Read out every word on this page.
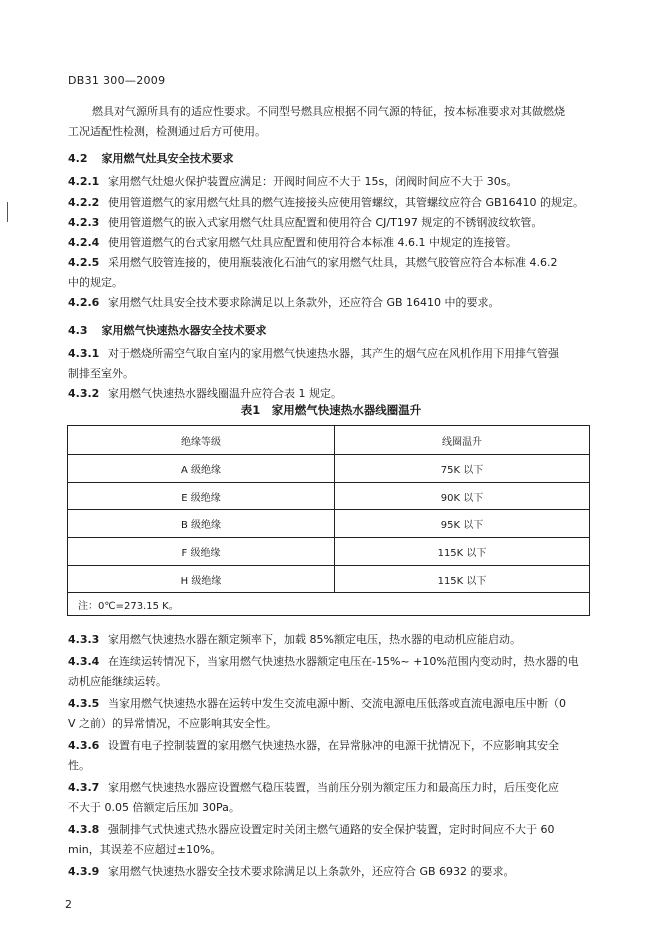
DB31 300—2009
燃具对气源所具有的适应性要求。不同型号燃具应根据不同气源的特征，按本标准要求对其做燃烧
工况适配性检测，检测通过后方可使用。
4.2 家用燃气灶具安全技术要求
4.2.1 家用燃气灶熄火保护装置应满足：开阀时间应不大于 15s，闭阀时间应不大于 30s。
4.2.2 使用管道燃气的家用燃气灶具的燃气连接接头应使用管螺纹，其管螺纹应符合 GB16410 的规定。
4.2.3 使用管道燃气的嵌入式家用燃气灶具应配置和使用符合 CJ/T197 规定的不锈钢波纹软管。
4.2.4 使用管道燃气的台式家用燃气灶具应配置和使用符合本标准 4.6.1 中规定的连接管。
4.2.5 采用燃气胶管连接的，使用瓶装液化石油气的家用燃气灶具，其燃气胶管应符合本标准 4.6.2
中的规定。
4.2.6 家用燃气灶具安全技术要求除满足以上条款外，还应符合 GB 16410 中的要求。
4.3 家用燃气快速热水器安全技术要求
4.3.1 对于燃烧所需空气取自室内的家用燃气快速热水器，其产生的烟气应在风机作用下用排气管强
制排至室外。
4.3.2 家用燃气快速热水器线圈温升应符合表 1 规定。
表1　家用燃气快速热水器线圈温升
绝缘等级	线圈温升
A 级绝缘	75K 以下
E 级绝缘	90K 以下
B 级绝缘	95K 以下
F 级绝缘	115K 以下
H 级绝缘	115K 以下
注：0℃=273.15 K。	
4.3.3 家用燃气快速热水器在额定频率下，加载 85%额定电压，热水器的电动机应能启动。
4.3.4 在连续运转情况下，当家用燃气快速热水器额定电压在-15%~ +10%范围内变动时，热水器的电
动机应能继续运转。
4.3.5 当家用燃气快速热水器在运转中发生交流电源中断、交流电源电压低落或直流电源电压中断（0
V 之前）的异常情况，不应影响其安全性。
4.3.6 设置有电子控制装置的家用燃气快速热水器，在异常脉冲的电源干扰情况下，不应影响其安全
性。
4.3.7 家用燃气快速热水器应设置燃气稳压装置，当前压分别为额定压力和最高压力时，后压变化应
不大于 0.05 倍额定后压加 30Pa。
4.3.8 强制排气式快速式热水器应设置定时关闭主燃气通路的安全保护装置，定时时间应不大于 60
min，其误差不应超过±10%。
4.3.9 家用燃气快速热水器安全技术要求除满足以上条款外，还应符合 GB 6932 的要求。
2
